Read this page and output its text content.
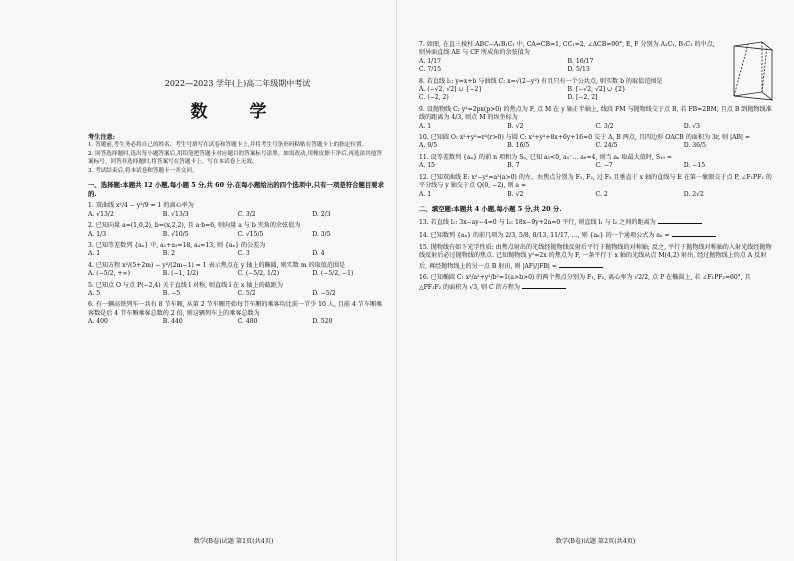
2022—2023 学年(上)高二年级期中考试
数 学
考生注意:
1. 答题前,考生务必将自己的姓名、考生号填写在试卷和答题卡上,并将考生号条形码粘贴在答题卡上的指定位置。
2. 回答选择题时,选出每小题答案后,用铅笔把答题卡对应题目的答案标号涂黑。如需改动,用橡皮擦干净后,再选涂其他答案标号。回答非选择题时,将答案写在答题卡上。写在本试卷上无效。
3. 考试结束后,将本试卷和答题卡一并交回。
一、选择题:本题共 12 小题,每小题 5 分,共 60 分.在每小题给出的四个选项中,只有一项是符合题目要求的.
1. 双曲线 x²/4 − y²/9 = 1 的离心率为
A. √13/2	B. √13/3	C. 3/2	D. 2/3
2. 已知向量 a=(1,0,2), b=(x,2,2), 且 a·b=6, 则向量 a 与 b 夹角的余弦值为
A. 1/3	B. √10/5	C. √15/5	D. 3/5
3. 已知等差数列 {aₙ} 中, a₁+a₃=18, a₄=13, 则 {aₙ} 的公差为
A. 1	B. 2	C. 3	D. 4
4. 已知方程 x²/(5+2m) − y²/(2m−1) = 1 表示焦点在 y 轴上的椭圆, 则实数 m 的取值范围是
A. (−5/2, +∞)	B. (−1, 1/2)	C. (−5/2, 1/2)	D. (−5/2, −1)
5. 已知点 O 与点 P(−2,4) 关于直线 l 对称, 则直线 l 在 x 轴上的截距为
A. 5	B. −5	C. 5/2	D. −5/2
6. 有一辆高铁列车一共有 8 节车厢, 从第 2 节车厢开始每节车厢的乘客均比前一节少 10 人, 且前 4 节车厢乘客数是后 4 节车厢乘客总数的 2 倍, 则这辆列车上的乘客总数为
A. 400	B. 440	C. 480	D. 520
数学(B卷)试题 第1页(共4页)
7. 如图, 在直三棱柱 ABC−A₁B₁C₁ 中, CA=CB=1, CC₁=2, ∠ACB=90°, E, F 分别为 A₁C₁, B₁C₁ 的中点, 则异面直线 AE 与 CF 所成角的余弦值为
A. 1/17	B. 16/17
C. 7/15	D. 5/13
8. 若直线 l₁: y=x+b 与曲线 C: x=√(2−y²) 有且只有一个公共点, 则实数 b 的取值范围是
A. (−√2, √2] ∪ {−2}	B. [−√2, √2] ∪ {2}
C. (−2, 2)	D. [−2, 2]
9. 设抛物线 C: y²=2px(p>0) 的焦点为 F, 点 M 在 y 轴正半轴上, 线段 FM 与抛物线交于点 B, 若 FB=2BM, 且点 B 到抛物线准线的距离为 4/3, 则点 M 的纵坐标为
A. 1	B. √2	C. 3/2	D. √3
10. 已知圆 O: x²+y²=r²(r>0) 与圆 C: x²+y²+8x+6y+16=0 交于 A, B 两点, 且四边形 OACB 的面积为 3r, 则 |AB| =
A. 9/5	B. 16/5	C. 24/5	D. 36/5
11. 设等差数列 {aₙ} 的前 n 项和为 Sₙ, 已知 a₅<0, a₅⁻… a₆=4, 则当 aₙ 取最大值时, S₁₀ =
A. 15	B. 7	C. −7	D. −15
12. 已知双曲线 E: x²−y²=a²(a>0) 的左、右焦点分别为 F₁, F₂, 过 F₂ 且垂直于 x 轴的直线与 E 在第一象限交于点 P, ∠F₁PF₂ 的平分线与 y 轴交于点 Q(0, −2), 则 a =
A. 1	B. √2	C. 2	D. 2√2
二、填空题:本题共 4 小题,每小题 5 分,共 20 分.
13. 若直线 l₁: 3x−ay−4=0 与 l₂: 18x−9y+2a=0 平行, 则直线 l₁ 与 l₂ 之间的距离为
14. 已知数列 {aₙ} 的前几项为 2/3, 5/8, 8/13, 11/17, …, 则 {aₙ} 的一个通项公式为 aₙ =
15. 抛物线有如下光学性质: 由焦点射出的光线经抛物线反射后平行于抛物线的对称轴; 反之, 平行于抛物线对称轴的入射光线经抛物线反射后必过抛物线的焦点. 已知抛物线 y²=2x 的焦点为 F, 一条平行于 x 轴的光线从点 M(4,2) 射出, 经过抛物线上的点 A 反射后, 再经抛物线上的另一点 B 射出, 则 |AF|/|FB| =
16. 已知椭圆 C: x²/a²+y²/b²=1(a>b>0) 的两个焦点分别为 F₁, F₂, 离心率为 √2/2, 点 P 在椭圆上, 若 ∠F₁PF₂=60°, 且 △PF₁F₂ 的面积为 √3, 则 C 的方程为
数学(B卷)试题 第2页(共4页)
